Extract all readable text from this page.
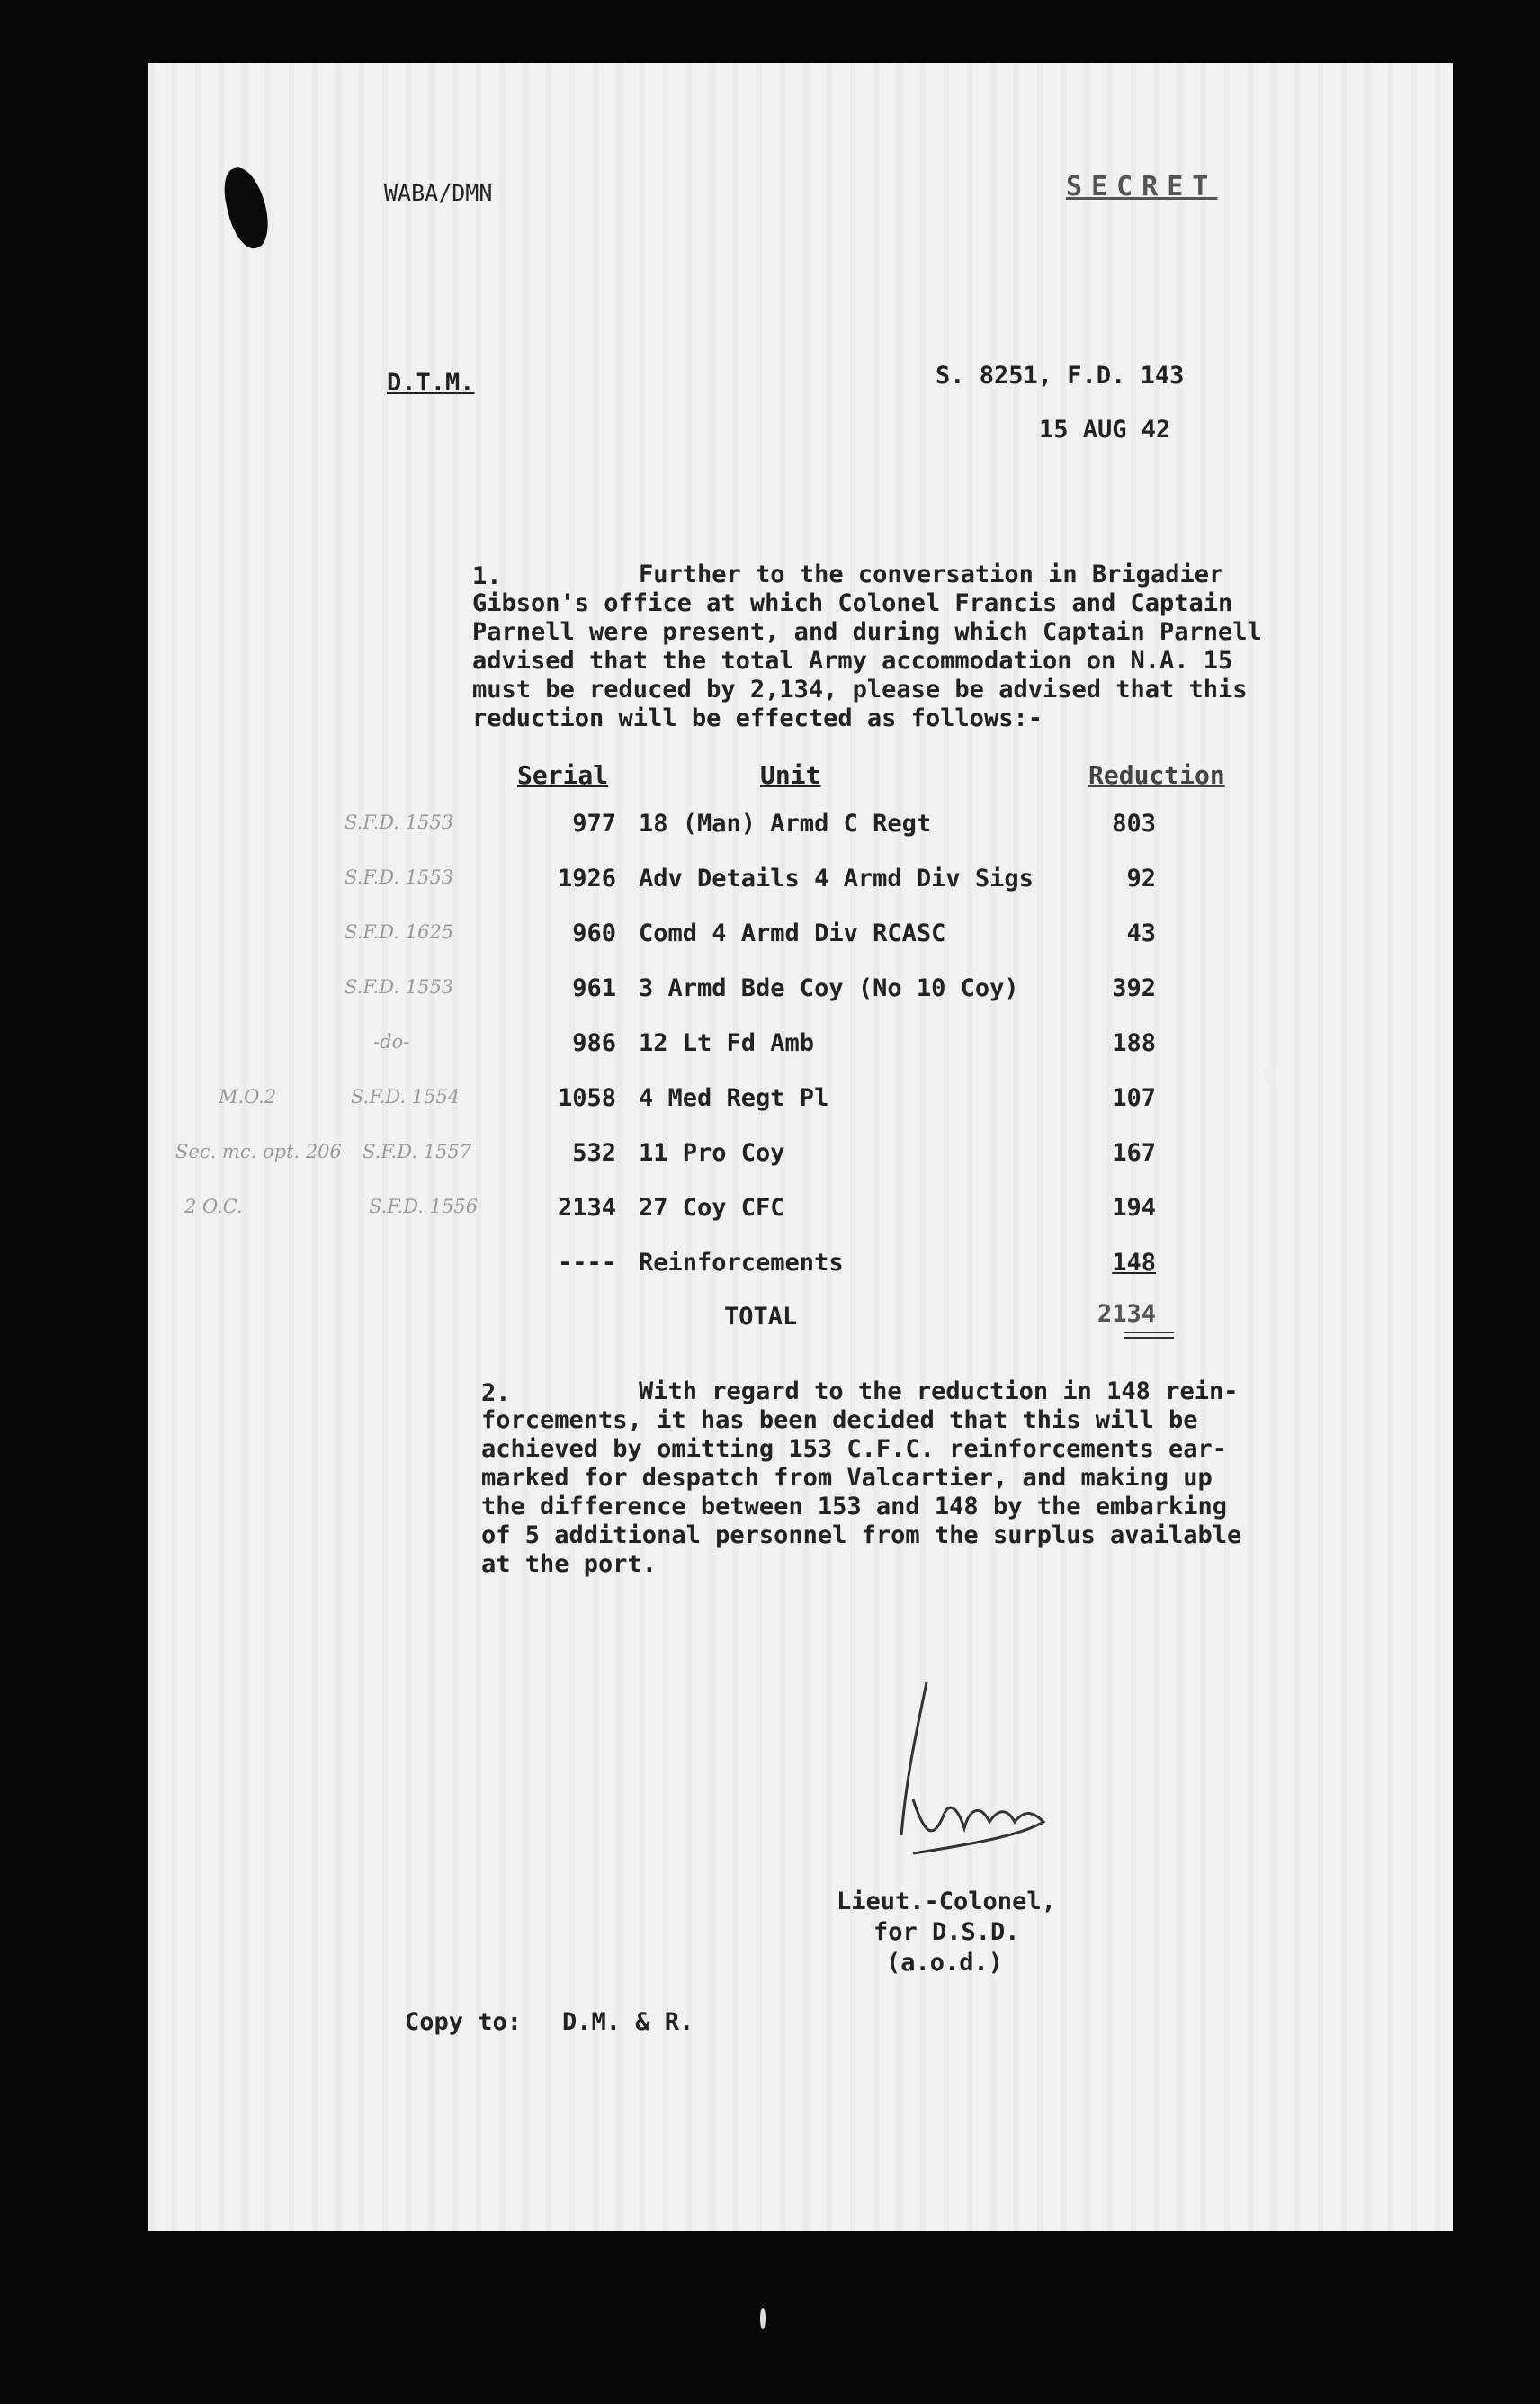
WABA/DMN	SECRET
D.T.M.	S. 8251, F.D. 143
15 AUG 42
1.	Further to the conversation in Brigadier
Gibson's office at which Colonel Francis and Captain
Parnell were present, and during which Captain Parnell
advised that the total Army accommodation on N.A. 15
must be reduced by 2,134, please be advised that this
reduction will be effected as follows:-
Serial	Unit	Reduction
S.F.D. 1553	977 18 (Man) Armd C Regt	803
S.F.D. 1553	1926 Adv Details 4 Armd Div Sigs	92
S.F.D. 1625	960 Comd 4 Armd Div RCASC	43
S.F.D. 1553	961 3 Armd Bde Coy (No 10 Coy)	392
-do-	986 12 Lt Fd Amb	188
M.O.2	S.F.D. 1554	1058 4 Med Regt Pl	107
Sec. mc. opt. 206 S.F.D. 1557	532 11 Pro Coy	167
2 O.C.	S.F.D. 1556	2134 27 Coy CFC	194
---- Reinforcements	148
TOTAL	2134
2.	With regard to the reduction in 148 rein-
forcements, it has been decided that this will be
achieved by omitting 153 C.F.C. reinforcements ear-
marked for despatch from Valcartier, and making up
the difference between 153 and 148 by the embarking
of 5 additional personnel from the surplus available
at the port.
Lieut.-Colonel,
for D.S.D.
(a.o.d.)
Copy to: D.M. & R.
